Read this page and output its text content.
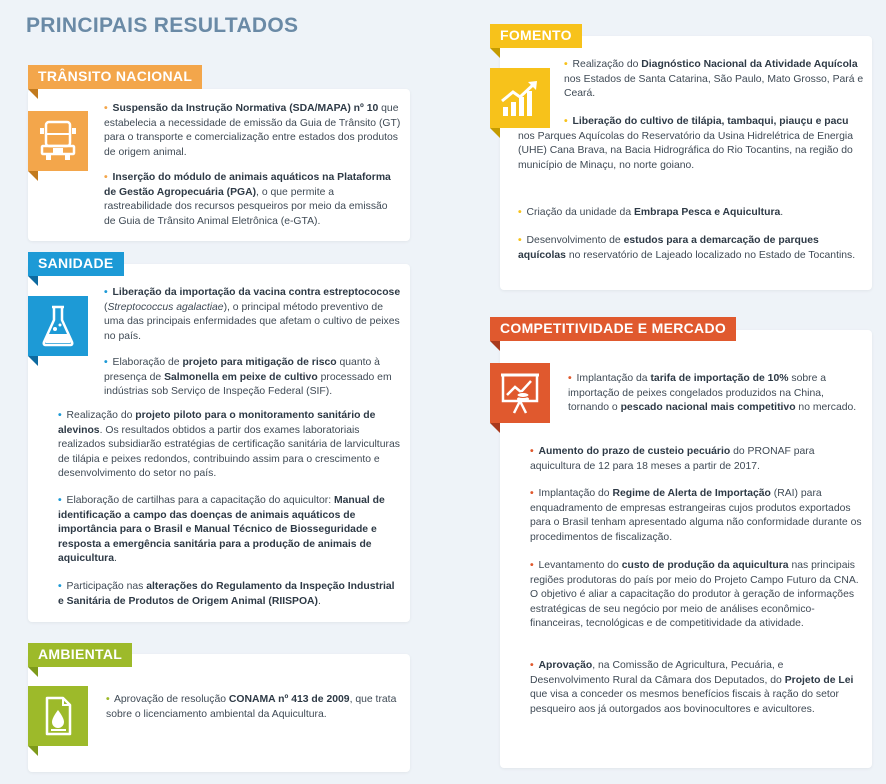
PRINCIPAIS RESULTADOS
TRÂNSITO NACIONAL
• Suspensão da Instrução Normativa (SDA/MAPA) nº 10 que estabelecia a necessidade de emissão da Guia de Trânsito (GT) para o transporte e comercialização entre estados dos produtos de origem animal.
• Inserção do módulo de animais aquáticos na Plataforma de Gestão Agropecuária (PGA), o que permite a rastreabilidade dos recursos pesqueiros por meio da emissão de Guia de Trânsito Animal Eletrônica (e-GTA).
SANIDADE
• Liberação da importação da vacina contra estreptococose (Streptococcus agalactiae), o principal método preventivo de uma das principais enfermidades que afetam o cultivo de peixes no país.
• Elaboração de projeto para mitigação de risco quanto à presença de Salmonella em peixe de cultivo processado em indústrias sob Serviço de Inspeção Federal (SIF).
• Realização do projeto piloto para o monitoramento sanitário de alevinos. Os resultados obtidos a partir dos exames laboratoriais realizados subsidiarão estratégias de certificação sanitária de larviculturas de tilápia e peixes redondos, contribuindo assim para o crescimento e desenvolvimento do setor no país.
• Elaboração de cartilhas para a capacitação do aquicultor: Manual de identificação a campo das doenças de animais aquáticos de importância para o Brasil e Manual Técnico de Biosseguridade e resposta a emergência sanitária para a produção de animais de aquicultura.
• Participação nas alterações do Regulamento da Inspeção Industrial e Sanitária de Produtos de Origem Animal (RIISPOA).
AMBIENTAL
• Aprovação de resolução CONAMA nº 413 de 2009, que trata sobre o licenciamento ambiental da Aquicultura.
FOMENTO
• Realização do Diagnóstico Nacional da Atividade Aquícola nos Estados de Santa Catarina, São Paulo, Mato Grosso, Pará e Ceará.
• Liberação do cultivo de tilápia, tambaqui, piauçu e pacu nos Parques Aquícolas do Reservatório da Usina Hidrelétrica de Energia (UHE) Cana Brava, na Bacia Hidrográfica do Rio Tocantins, na região do município de Minaçu, no norte goiano.
• Criação da unidade da Embrapa Pesca e Aquicultura.
• Desenvolvimento de estudos para a demarcação de parques aquícolas no reservatório de Lajeado localizado no Estado de Tocantins.
COMPETITIVIDADE E MERCADO
• Implantação da tarifa de importação de 10% sobre a importação de peixes congelados produzidos na China, tornando o pescado nacional mais competitivo no mercado.
• Aumento do prazo de custeio pecuário do PRONAF para aquicultura de 12 para 18 meses a partir de 2017.
• Implantação do Regime de Alerta de Importação (RAI) para enquadramento de empresas estrangeiras cujos produtos exportados para o Brasil tenham apresentado alguma não conformidade durante os procedimentos de fiscalização.
• Levantamento do custo de produção da aquicultura nas principais regiões produtoras do país por meio do Projeto Campo Futuro da CNA. O objetivo é aliar a capacitação do produtor à geração de informações estratégicas de seu negócio por meio de análises econômico-financeiras, tecnológicas e de competitividade da atividade.
• Aprovação, na Comissão de Agricultura, Pecuária, e Desenvolvimento Rural da Câmara dos Deputados, do Projeto de Lei que visa a conceder os mesmos benefícios fiscais à ração do setor pesqueiro aos já outorgados aos bovinocultores e avicultores.
